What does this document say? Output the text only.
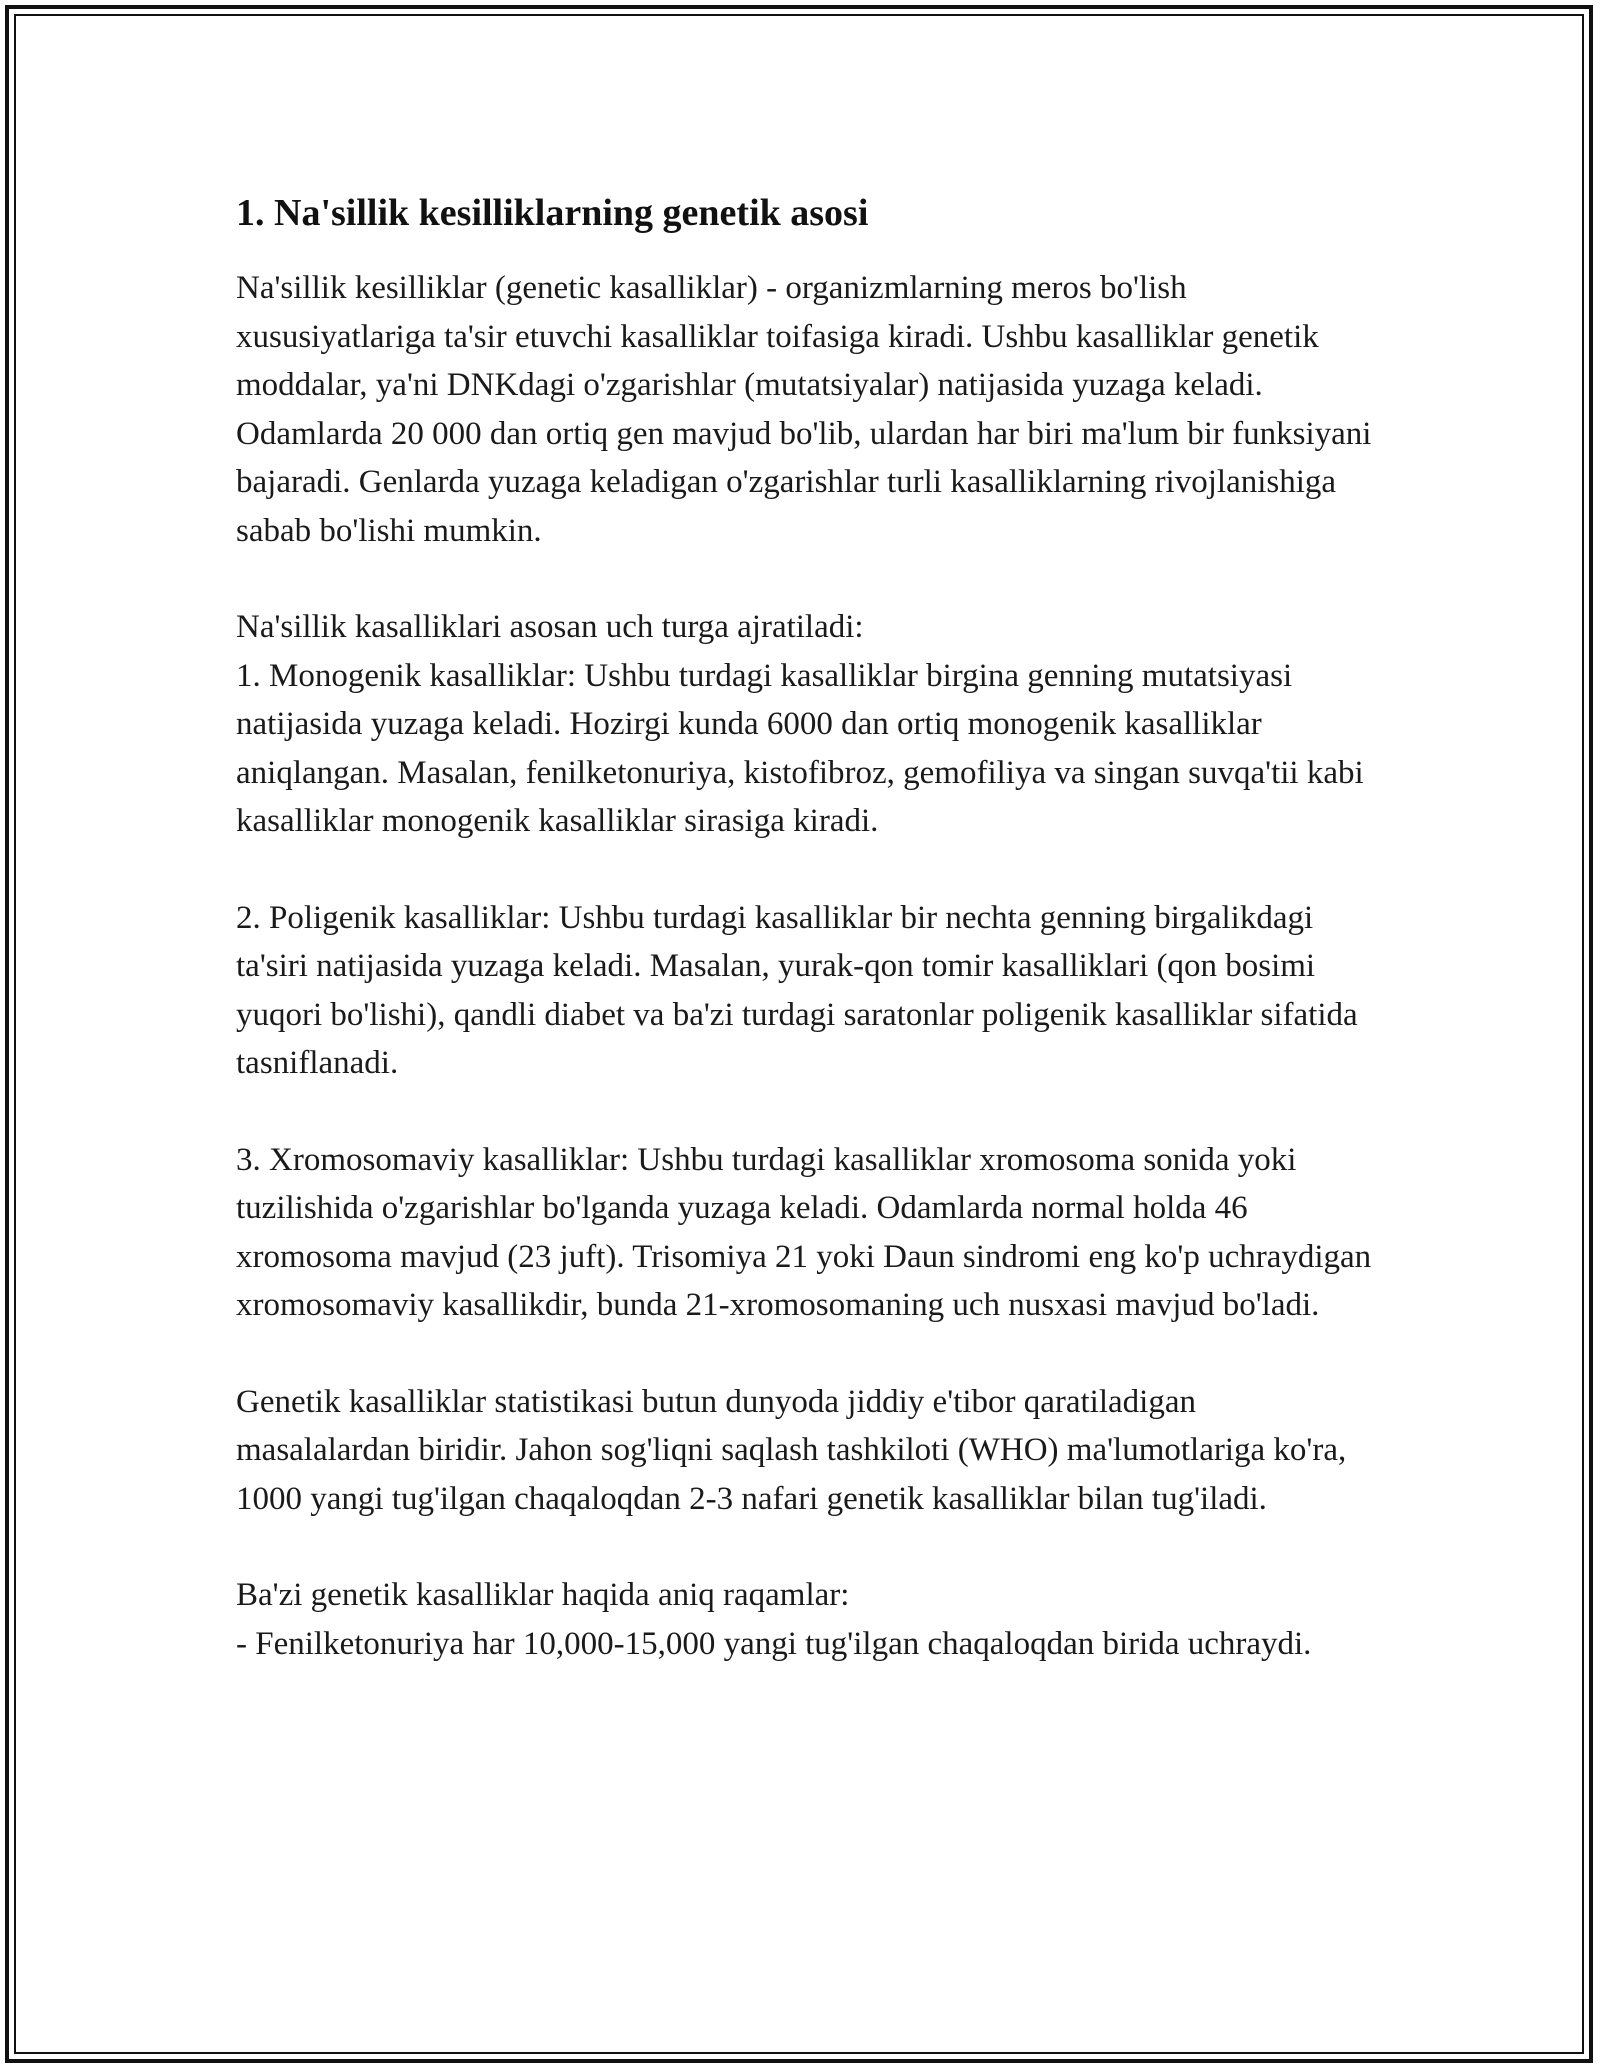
1. Na'sillik kesilliklarning genetik asosi

Na'sillik kesilliklar (genetic kasalliklar) - organizmlarning meros bo'lish xususiyatlariga ta'sir etuvchi kasalliklar toifasiga kiradi. Ushbu kasalliklar genetik moddalar, ya'ni DNKdagi o'zgarishlar (mutatsiyalar) natijasida yuzaga keladi. Odamlarda 20 000 dan ortiq gen mavjud bo'lib, ulardan har biri ma'lum bir funksiyani bajaradi. Genlarda yuzaga keladigan o'zgarishlar turli kasalliklarning rivojlanishiga sabab bo'lishi mumkin.

Na'sillik kasalliklari asosan uch turga ajratiladi:

1. Monogenik kasalliklar: Ushbu turdagi kasalliklar birgina genning mutatsiyasi natijasida yuzaga keladi. Hozirgi kunda 6000 dan ortiq monogenik kasalliklar aniqlangan. Masalan, fenilketonuriya, kistofibroz, gemofiliya va singan suvqa'tii kabi kasalliklar monogenik kasalliklar sirasiga kiradi.

2. Poligenik kasalliklar: Ushbu turdagi kasalliklar bir nechta genning birgalikdagi ta'siri natijasida yuzaga keladi. Masalan, yurak-qon tomir kasalliklari (qon bosimi yuqori bo'lishi), qandli diabet va ba'zi turdagi saratonlar poligenik kasalliklar sifatida tasniflanadi.

3. Xromosomaviy kasalliklar: Ushbu turdagi kasalliklar xromosoma sonida yoki tuzilishida o'zgarishlar bo'lganda yuzaga keladi. Odamlarda normal holda 46 xromosoma mavjud (23 juft). Trisomiya 21 yoki Daun sindromi eng ko'p uchraydigan xromosomaviy kasallikdir, bunda 21-xromosomaning uch nusxasi mavjud bo'ladi.

Genetik kasalliklar statistikasi butun dunyoda jiddiy e'tibor qaratiladigan masalalardan biridir. Jahon sog'liqni saqlash tashkiloti (WHO) ma'lumotlariga ko'ra, 1000 yangi tug'ilgan chaqaloqdan 2-3 nafari genetik kasalliklar bilan tug'iladi.

Ba'zi genetik kasalliklar haqida aniq raqamlar:

- Fenilketonuriya har 10,000-15,000 yangi tug'ilgan chaqaloqdan birida uchraydi.
